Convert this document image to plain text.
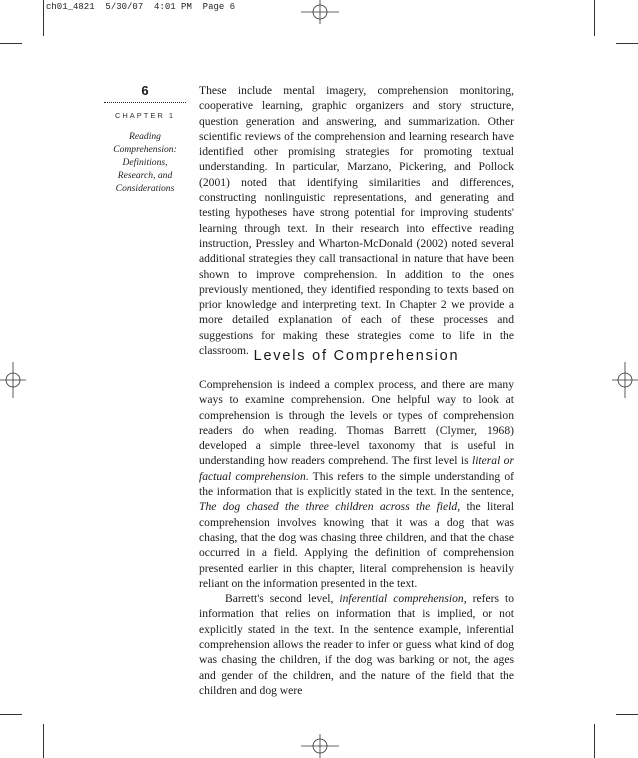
ch01_4821 5/30/07 4:01 PM Page 6
6
CHAPTER 1
Reading
Comprehension:
Definitions,
Research, and
Considerations

These include mental imagery, comprehension monitoring, cooperative learning, graphic organizers and story structure, question generation and answering, and summarization. Other scientific reviews of the comprehension and learning research have identified other promising strategies for promoting textual understanding. In particular, Marzano, Pickering, and Pollock (2001) noted that identifying similarities and differences, constructing nonlinguistic representations, and generating and testing hypotheses have strong potential for improving students' learning through text. In their research into effective reading instruction, Pressley and Wharton-McDonald (2002) noted several additional strategies they call transactional in nature that have been shown to improve comprehension. In addition to the ones previously mentioned, they identified responding to texts based on prior knowledge and interpreting text. In Chapter 2 we provide a more detailed explanation of each of these processes and suggestions for making these strategies come to life in the classroom. Levels of Comprehension

Comprehension is indeed a complex process, and there are many ways to examine comprehension. One helpful way to look at comprehension is through the levels or types of comprehension readers do when reading. Thomas Barrett (Clymer, 1968) developed a simple three-level taxonomy that is useful in understanding how readers comprehend. The first level is literal or factual comprehension. This refers to the simple understanding of the information that is explicitly stated in the text. In the sentence, The dog chased the three children across the field, the literal comprehension involves knowing that it was a dog that was chasing, that the dog was chasing three children, and that the chase occurred in a field. Applying the definition of comprehension presented earlier in this chapter, literal comprehension is heavily reliant on the information presented in the text.

Barrett's second level, inferential comprehension, refers to information that relies on information that is implied, or not explicitly stated in the text. In the sentence example, inferential comprehension allows the reader to infer or guess what kind of dog was chasing the children, if the dog was barking or not, the ages and gender of the children, and the nature of the field that the children and dog were
